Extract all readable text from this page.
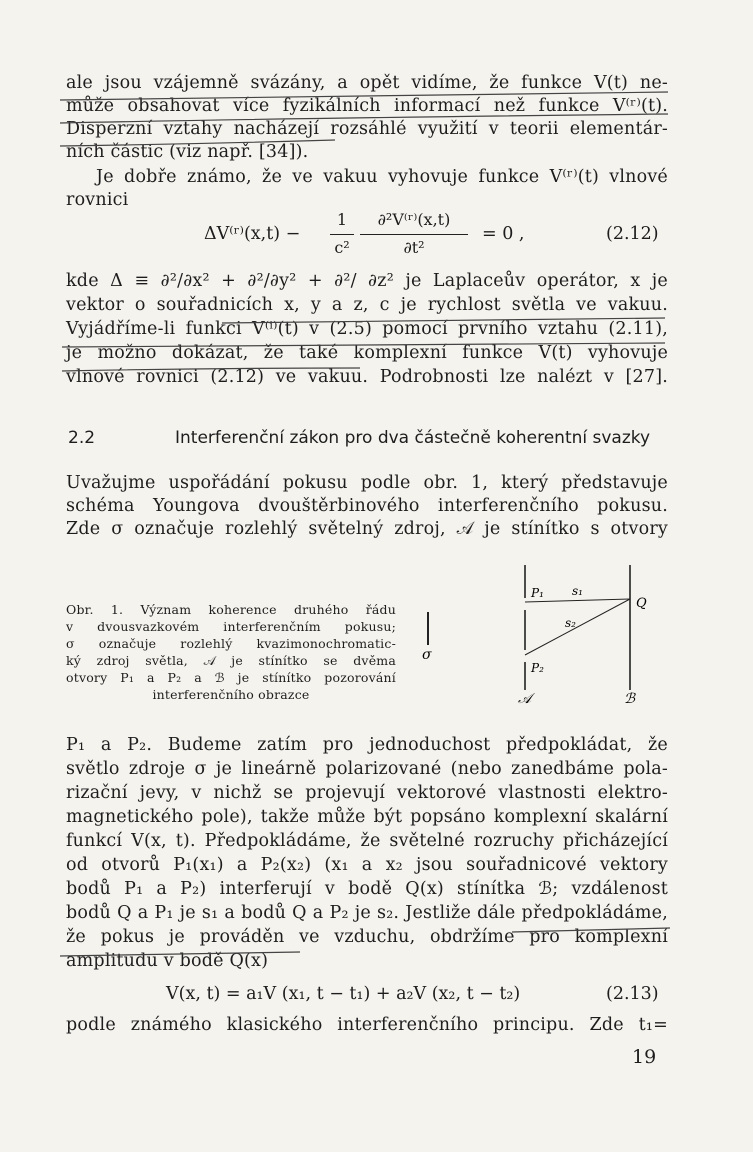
ale jsou vzájemně svázány, a opět vidíme, že funkce V(t) ne-
může obsahovat více fyzikálních informací než funkce V⁽ʳ⁾(t).
Disperzní vztahy nacházejí rozsáhlé využití v teorii elementár-
ních částic (viz např. [34]).
Je dobře známo, že ve vakuu vyhovuje funkce V⁽ʳ⁾(t) vlnové
rovnici
ΔV⁽ʳ⁾(x,t) −
1
c²
∂²V⁽ʳ⁾(x,t)
∂t²
= 0 ,	(2.12)
kde Δ ≡ ∂²/∂x² + ∂²/∂y² + ∂²/ ∂z² je Laplaceův operátor, x je
vektor o souřadnicích x, y a z, c je rychlost světla ve vakuu.
Vyjádříme-li funkci V⁽ⁱ⁾(t) v (2.5) pomocí prvního vztahu (2.11),
je možno dokázat, že také komplexní funkce V(t) vyhovuje
vlnové rovnici (2.12) ve vakuu. Podrobnosti lze nalézt v [27].
2.2	Interferenční zákon pro dva částečně koherentní svazky
Uvažujme uspořádání pokusu podle obr. 1, který představuje
schéma Youngova dvouštěrbinového interferenčního pokusu.
Zde σ označuje rozlehlý světelný zdroj, 𝒜 je stínítko s otvory
Obr. 1. Význam koherence druhého řádu
v dvousvazkovém interferenčním pokusu;
σ označuje rozlehlý kvazimonochromatic-
ký zdroj světla, 𝒜 je stínítko se dvěma
otvory P₁ a P₂ a ℬ je stínítko pozorování
interferenčního obrazce
σ
𝒜	ℬ
P₁
P₂
s₁
s₂
Q
P₁ a P₂. Budeme zatím pro jednoduchost předpokládat, že
světlo zdroje σ je lineárně polarizované (nebo zanedbáme pola-
rizační jevy, v nichž se projevují vektorové vlastnosti elektro-
magnetického pole), takže může být popsáno komplexní skalární
funkcí V(x, t). Předpokládáme, že světelné rozruchy přicházející
od otvorů P₁(x₁) a P₂(x₂) (x₁ a x₂ jsou souřadnicové vektory
bodů P₁ a P₂) interferují v bodě Q(x) stínítka ℬ; vzdálenost
bodů Q a P₁ je s₁ a bodů Q a P₂ je s₂. Jestliže dále předpokládáme,
že pokus je prováděn ve vzduchu, obdržíme pro komplexní
amplitudu v bodě Q(x)
V(x, t) = a₁V (x₁, t − t₁) + a₂V (x₂, t − t₂)	(2.13)
podle známého klasického interferenčního principu. Zde t₁=
19
